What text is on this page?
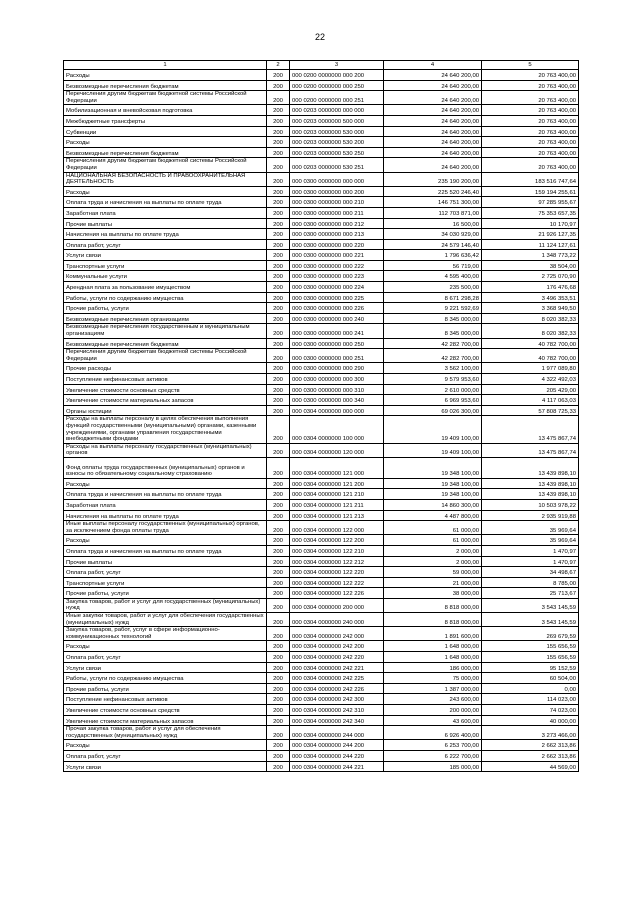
22
1	2	3	4	5
Расходы	200	000 0200 0000000 000 200	24 640 200,00	20 763 400,00
Безвозмездные перечисления бюджетам	200	000 0200 0000000 000 250	24 640 200,00	20 763 400,00
Перечисления другим бюджетам бюджетной системы Российской Федерации	200	000 0200 0000000 000 251	24 640 200,00	20 763 400,00
Мобилизационная и вневойсковая подготовка	200	000 0203 0000000 000 000	24 640 200,00	20 763 400,00
Межбюджетные трансферты	200	000 0203 0000000 500 000	24 640 200,00	20 763 400,00
Субвенции	200	000 0203 0000000 530 000	24 640 200,00	20 763 400,00
Расходы	200	000 0203 0000000 530 200	24 640 200,00	20 763 400,00
Безвозмездные перечисления бюджетам	200	000 0203 0000000 530 250	24 640 200,00	20 763 400,00
Перечисления другим бюджетам бюджетной системы Российской Федерации	200	000 0203 0000000 530 251	24 640 200,00	20 763 400,00
НАЦИОНАЛЬНАЯ БЕЗОПАСНОСТЬ И ПРАВООХРАНИТЕЛЬНАЯ ДЕЯТЕЛЬНОСТЬ	200	000 0300 0000000 000 000	235 190 200,00	183 516 747,64
Расходы	200	000 0300 0000000 000 200	225 520 246,40	159 194 255,61
Оплата труда и начисления на выплаты по оплате труда	200	000 0300 0000000 000 210	146 751 300,00	97 285 955,67
Заработная плата	200	000 0300 0000000 000 211	112 703 871,00	75 353 657,35
Прочие выплаты	200	000 0300 0000000 000 212	16 500,00	10 170,97
Начисления на выплаты по оплате труда	200	000 0300 0000000 000 213	34 030 929,00	21 926 127,35
Оплата работ, услуг	200	000 0300 0000000 000 220	24 579 146,40	11 124 127,61
Услуги связи	200	000 0300 0000000 000 221	1 796 636,42	1 348 773,22
Транспортные услуги	200	000 0300 0000000 000 222	56 719,00	38 504,00
Коммунальные услуги	200	000 0300 0000000 000 223	4 595 400,00	2 725 070,90
Арендная плата за пользование имуществом	200	000 0300 0000000 000 224	235 500,00	176 476,68
Работы, услуги по содержанию имущества	200	000 0300 0000000 000 225	8 671 298,28	3 496 353,51
Прочие работы, услуги	200	000 0300 0000000 000 226	9 221 592,69	3 368 949,50
Безвозмездные перечисления организациям	200	000 0300 0000000 000 240	8 345 000,00	8 020 382,33
Безвозмездные перечисления государственным и муниципальным организациям	200	000 0300 0000000 000 241	8 345 000,00	8 020 382,33
Безвозмездные перечисления бюджетам	200	000 0300 0000000 000 250	42 282 700,00	40 782 700,00
Перечисления другим бюджетам бюджетной системы Российской Федерации	200	000 0300 0000000 000 251	42 282 700,00	40 782 700,00
Прочие расходы	200	000 0300 0000000 000 290	3 562 100,00	1 977 089,80
Поступление нефинансовых активов	200	000 0300 0000000 000 300	9 579 953,60	4 322 492,03
Увеличение стоимости основных средств	200	000 0300 0000000 000 310	2 610 000,00	205 429,00
Увеличение стоимости материальных запасов	200	000 0300 0000000 000 340	6 969 953,60	4 117 063,03
Органы юстиции	200	000 0304 0000000 000 000	69 026 300,00	57 808 725,33
Расходы на выплаты персоналу в целях обеспечения выполнения функций государственными (муниципальными) органами, казенными учреждениями, органами управления государственными внебюджетными фондами	200	000 0304 0000000 100 000	19 409 100,00	13 475 867,74
Расходы на выплаты персоналу государственных (муниципальных) органов	200	000 0304 0000000 120 000	19 409 100,00	13 475 867,74
Фонд оплаты труда государственных (муниципальных) органов и взносы по обязательному социальному страхованию	200	000 0304 0000000 121 000	19 348 100,00	13 439 898,10
Расходы	200	000 0304 0000000 121 200	19 348 100,00	13 439 898,10
Оплата труда и начисления на выплаты по оплате труда	200	000 0304 0000000 121 210	19 348 100,00	13 439 898,10
Заработная плата	200	000 0304 0000000 121 211	14 860 300,00	10 503 978,22
Начисления на выплаты по оплате труда	200	000 0304 0000000 121 213	4 487 800,00	2 935 919,88
Иные выплаты персоналу государственных (муниципальных) органов, за исключением фонда оплаты труда	200	000 0304 0000000 122 000	61 000,00	35 969,64
Расходы	200	000 0304 0000000 122 200	61 000,00	35 969,64
Оплата труда и начисления на выплаты по оплате труда	200	000 0304 0000000 122 210	2 000,00	1 470,97
Прочие выплаты	200	000 0304 0000000 122 212	2 000,00	1 470,97
Оплата работ, услуг	200	000 0304 0000000 122 220	59 000,00	34 498,67
Транспортные услуги	200	000 0304 0000000 122 222	21 000,00	8 785,00
Прочие работы, услуги	200	000 0304 0000000 122 226	38 000,00	25 713,67
Закупка товаров, работ и услуг для государственных (муниципальных) нужд	200	000 0304 0000000 200 000	8 818 000,00	3 543 145,59
Иные закупки товаров, работ и услуг для обеспечения государственных (муниципальных) нужд	200	000 0304 0000000 240 000	8 818 000,00	3 543 145,59
Закупка товаров, работ, услуг в сфере информационно-коммуникационных технологий	200	000 0304 0000000 242 000	1 891 600,00	269 679,59
Расходы	200	000 0304 0000000 242 200	1 648 000,00	155 656,59
Оплата работ, услуг	200	000 0304 0000000 242 220	1 648 000,00	155 656,59
Услуги связи	200	000 0304 0000000 242 221	186 000,00	95 152,59
Работы, услуги по содержанию имущества	200	000 0304 0000000 242 225	75 000,00	60 504,00
Прочие работы, услуги	200	000 0304 0000000 242 226	1 387 000,00	0,00
Поступление нефинансовых активов	200	000 0304 0000000 242 300	243 600,00	114 023,00
Увеличение стоимости основных средств	200	000 0304 0000000 242 310	200 000,00	74 023,00
Увеличение стоимости материальных запасов	200	000 0304 0000000 242 340	43 600,00	40 000,00
Прочая закупка товаров, работ и услуг для обеспечения государственных (муниципальных) нужд	200	000 0304 0000000 244 000	6 926 400,00	3 273 466,00
Расходы	200	000 0304 0000000 244 200	6 253 700,00	2 662 313,86
Оплата работ, услуг	200	000 0304 0000000 244 220	6 222 700,00	2 662 313,86
Услуги связи	200	000 0304 0000000 244 221	185 000,00	44 569,00
